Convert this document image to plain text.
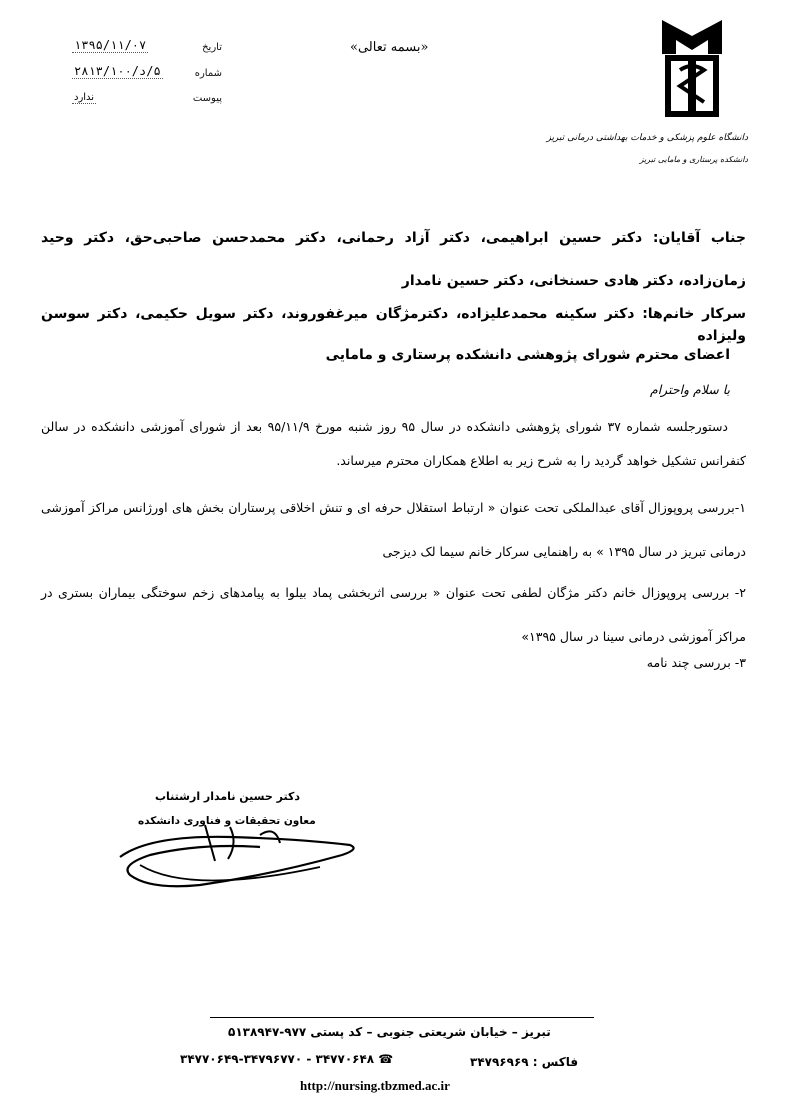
دانشگاه علوم پزشکی و خدمات بهداشتی درمانی تبریز
دانشکده پرستاری و مامایی تبریز
«بسمه تعالی»
تاریخ
۱۳۹۵/۱۱/۰۷
شماره
۵/د/۲۸۱۳/۱۰۰
پیوست
ندارد
جناب آقایان: دکتر حسین ابراهیمی، دکتر آزاد رحمانی، دکتر محمدحسن صاحبی‌حق، دکتر وحید زمان‌زاده، دکتر هادی حسنخانی، دکتر حسین نامدار
سرکار خانم‌ها: دکتر سکینه محمدعلیزاده، دکترمژگان میرغفوروند، دکتر سویل حکیمی، دکتر سوسن ولیزاده
اعضای محترم شورای پژوهشی دانشکده پرستاری و مامایی
با سلام واحترام
دستورجلسه شماره ۳۷ شورای پژوهشی دانشکده در سال ۹۵ روز شنبه مورخ ۹۵/۱۱/۹ بعد از شورای آموزشی دانشکده در سالن کنفرانس تشکیل خواهد گردید را به شرح زیر به اطلاع همکاران محترم میرساند.
۱-بررسی پروپوزال آقای عبدالملکی تحت عنوان « ارتباط استقلال حرفه ای و تنش اخلاقی پرستاران بخش های اورژانس مراکز آموزشی درمانی تبریز در سال ۱۳۹۵ » به راهنمایی سرکار خانم سیما لک دیزجی
۲- بررسی پروپوزال خانم دکتر مژگان لطفی تحت عنوان « بررسی اثربخشی پماد بیلوا به پیامدهای زخم سوختگی بیماران بستری در مراکز آموزشی درمانی سینا در سال ۱۳۹۵»
۳- بررسی چند نامه
دکتر حسین نامدار ارشتناب
معاون تحقیقات و فناوری دانشکده
تبریز – خیابان شریعتی جنوبی – کد پستی ۹۷۷-۵۱۳۸۹۴۷
☎ ۳۴۷۷۰۶۴۸ - ۳۴۷۷۰۶۴۹-۳۴۷۹۶۷۷۰	فاکس : ۳۴۷۹۶۹۶۹
http://nursing.tbzmed.ac.ir
